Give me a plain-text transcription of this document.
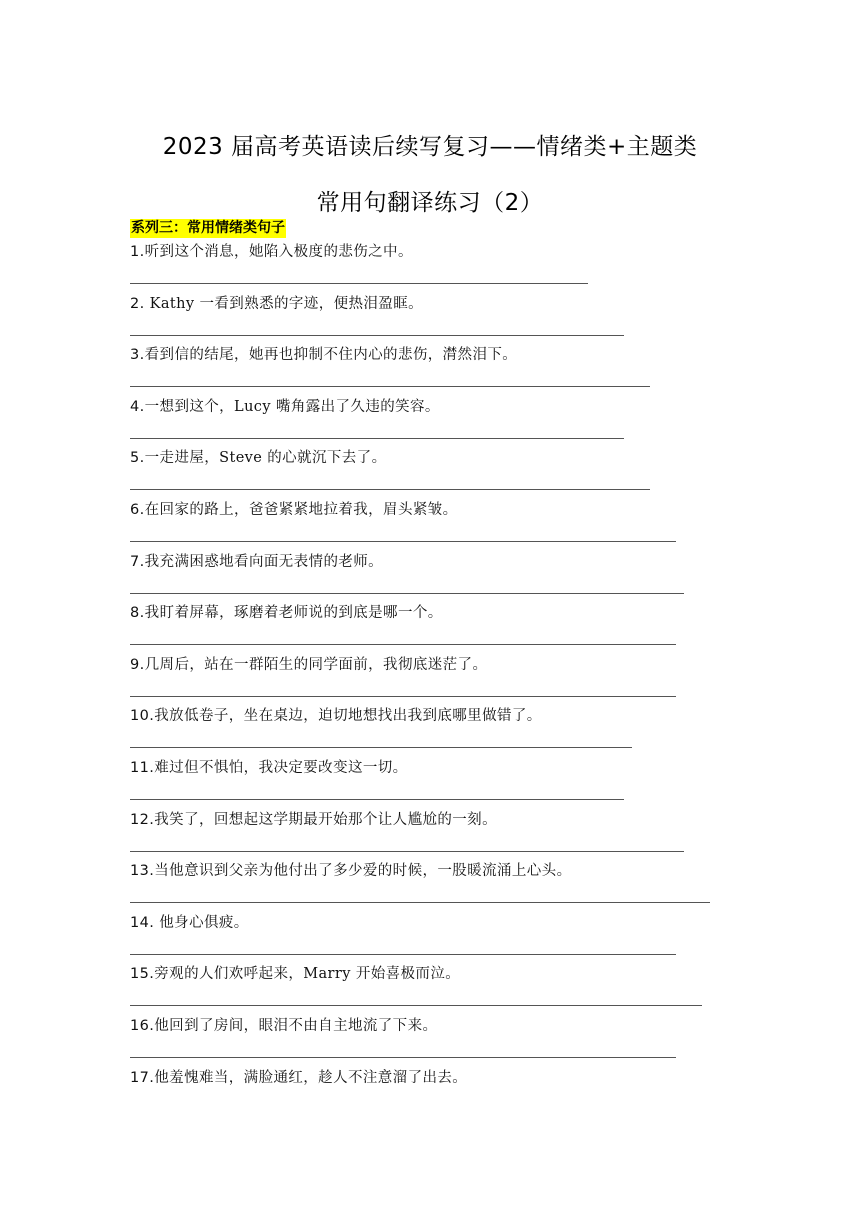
2023 届高考英语读后续写复习——情绪类+主题类
常用句翻译练习（2）
系列三：常用情绪类句子
1.听到这个消息，她陷入极度的悲伤之中。
2. Kathy 一看到熟悉的字迹，便热泪盈眶。
3.看到信的结尾，她再也抑制不住内心的悲伤，潸然泪下。
4.一想到这个，Lucy 嘴角露出了久违的笑容。
5.一走进屋，Steve 的心就沉下去了。
6.在回家的路上，爸爸紧紧地拉着我，眉头紧皱。
7.我充满困惑地看向面无表情的老师。
8.我盯着屏幕，琢磨着老师说的到底是哪一个。
9.几周后，站在一群陌生的同学面前，我彻底迷茫了。
10.我放低卷子，坐在桌边，迫切地想找出我到底哪里做错了。
11.难过但不惧怕，我决定要改变这一切。
12.我笑了，回想起这学期最开始那个让人尴尬的一刻。
13.当他意识到父亲为他付出了多少爱的时候，一股暖流涌上心头。
14. 他身心俱疲。
15.旁观的人们欢呼起来，Marry 开始喜极而泣。
16.他回到了房间，眼泪不由自主地流了下来。
17.他羞愧难当，满脸通红，趁人不注意溜了出去。
